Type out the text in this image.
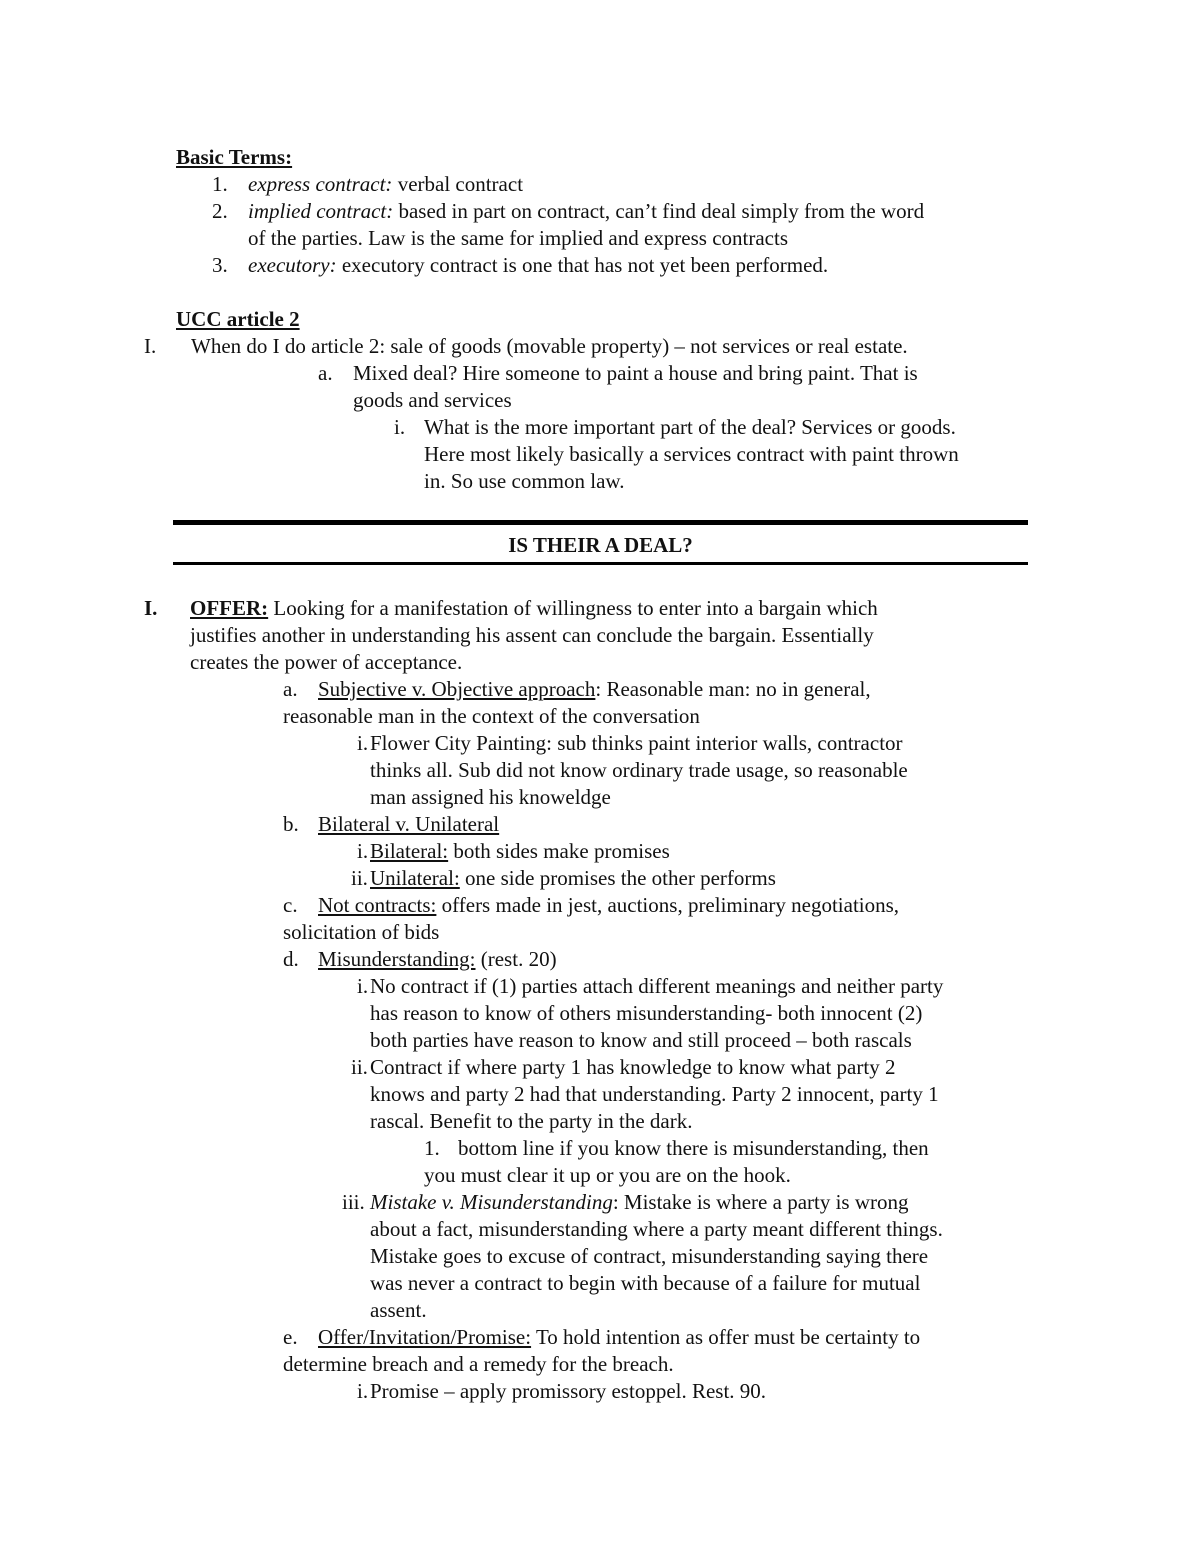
Basic Terms:
1. express contract: verbal contract
2. implied contract: based in part on contract, can’t find deal simply from the word
of the parties. Law is the same for implied and express contracts
3. executory: executory contract is one that has not yet been performed.
UCC article 2
I. When do I do article 2: sale of goods (movable property) – not services or real estate.
a. Mixed deal? Hire someone to paint a house and bring paint. That is
goods and services
i. What is the more important part of the deal? Services or goods.
Here most likely basically a services contract with paint thrown
in. So use common law.
IS THEIR A DEAL?
I. OFFER: Looking for a manifestation of willingness to enter into a bargain which
justifies another in understanding his assent can conclude the bargain. Essentially
creates the power of acceptance.
a. Subjective v. Objective approach: Reasonable man: no in general,
reasonable man in the context of the conversation
i. Flower City Painting: sub thinks paint interior walls, contractor
thinks all. Sub did not know ordinary trade usage, so reasonable
man assigned his knoweldge
b. Bilateral v. Unilateral
i. Bilateral: both sides make promises
ii. Unilateral: one side promises the other performs
c. Not contracts: offers made in jest, auctions, preliminary negotiations,
solicitation of bids
d. Misunderstanding: (rest. 20)
i. No contract if (1) parties attach different meanings and neither party
has reason to know of others misunderstanding- both innocent (2)
both parties have reason to know and still proceed – both rascals
ii. Contract if where party 1 has knowledge to know what party 2
knows and party 2 had that understanding. Party 2 innocent, party 1
rascal. Benefit to the party in the dark.
1. bottom line if you know there is misunderstanding, then
you must clear it up or you are on the hook.
iii. Mistake v. Misunderstanding: Mistake is where a party is wrong
about a fact, misunderstanding where a party meant different things.
Mistake goes to excuse of contract, misunderstanding saying there
was never a contract to begin with because of a failure for mutual
assent.
e. Offer/Invitation/Promise: To hold intention as offer must be certainty to
determine breach and a remedy for the breach.
i. Promise – apply promissory estoppel. Rest. 90.
